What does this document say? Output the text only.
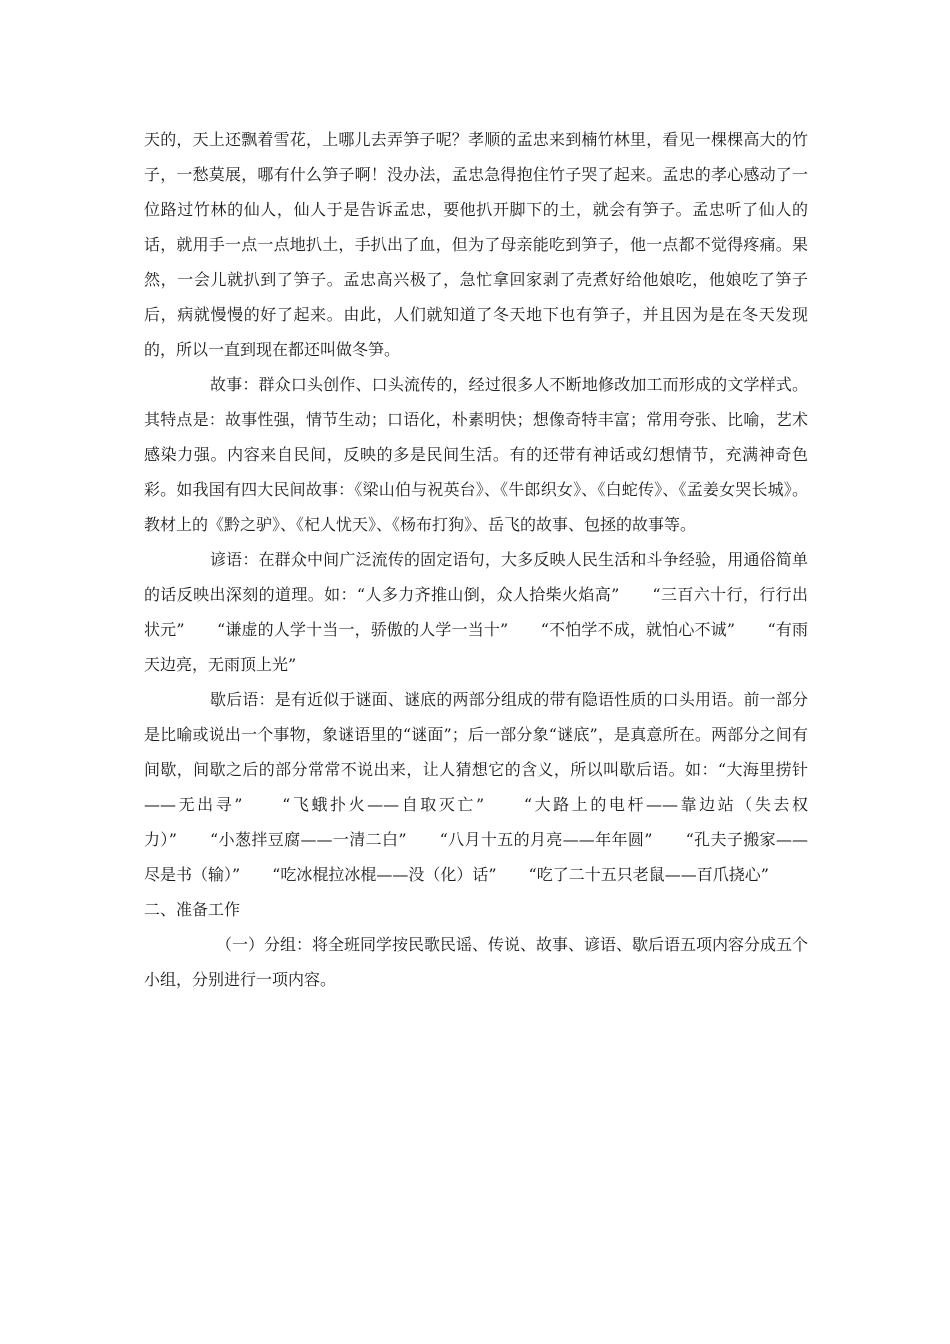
天的，天上还飘着雪花，上哪儿去弄笋子呢？孝顺的孟忠来到楠竹林里，看见一棵棵高大的竹子，一愁莫展，哪有什么笋子啊！没办法，孟忠急得抱住竹子哭了起来。孟忠的孝心感动了一位路过竹林的仙人，仙人于是告诉孟忠，要他扒开脚下的土，就会有笋子。孟忠听了仙人的话，就用手一点一点地扒土，手扒出了血，但为了母亲能吃到笋子，他一点都不觉得疼痛。果然，一会儿就扒到了笋子。孟忠高兴极了，急忙拿回家剥了壳煮好给他娘吃，他娘吃了笋子后，病就慢慢的好了起来。由此，人们就知道了冬天地下也有笋子，并且因为是在冬天发现的，所以一直到现在都还叫做冬笋。

故事：群众口头创作、口头流传的，经过很多人不断地修改加工而形成的文学样式。其特点是：故事性强，情节生动；口语化，朴素明快；想像奇特丰富；常用夸张、比喻，艺术感染力强。内容来自民间，反映的多是民间生活。有的还带有神话或幻想情节，充满神奇色彩。如我国有四大民间故事：《梁山伯与祝英台》、《牛郎织女》、《白蛇传》、《孟姜女哭长城》。教材上的《黔之驴》、《杞人忧天》、《杨布打狗》、岳飞的故事、包拯的故事等。

谚语：在群众中间广泛流传的固定语句，大多反映人民生活和斗争经验，用通俗简单的话反映出深刻的道理。如：“人多力齐推山倒，众人拾柴火焰高”　　“三百六十行，行行出状元”　　“谦虚的人学十当一，骄傲的人学一当十”　　“不怕学不成，就怕心不诚”　　“有雨天边亮，无雨顶上光”

歇后语：是有近似于谜面、谜底的两部分组成的带有隐语性质的口头用语。前一部分是比喻或说出一个事物，象谜语里的“谜面”；后一部分象“谜底”，是真意所在。两部分之间有间歇，间歇之后的部分常常不说出来，让人猜想它的含义，所以叫歇后语。如：“大海里捞针——无出寻”　　“飞蛾扑火——自取灭亡”　　“大路上的电杆——靠边站（失去权力）”　　“小葱拌豆腐——一清二白”　　“八月十五的月亮——年年圆”　　“孔夫子搬家——尽是书（输）”　　“吃冰棍拉冰棍——没（化）话”　　“吃了二十五只老鼠——百爪挠心”

二、准备工作

（一）分组：将全班同学按民歌民谣、传说、故事、谚语、歇后语五项内容分成五个小组，分别进行一项内容。
